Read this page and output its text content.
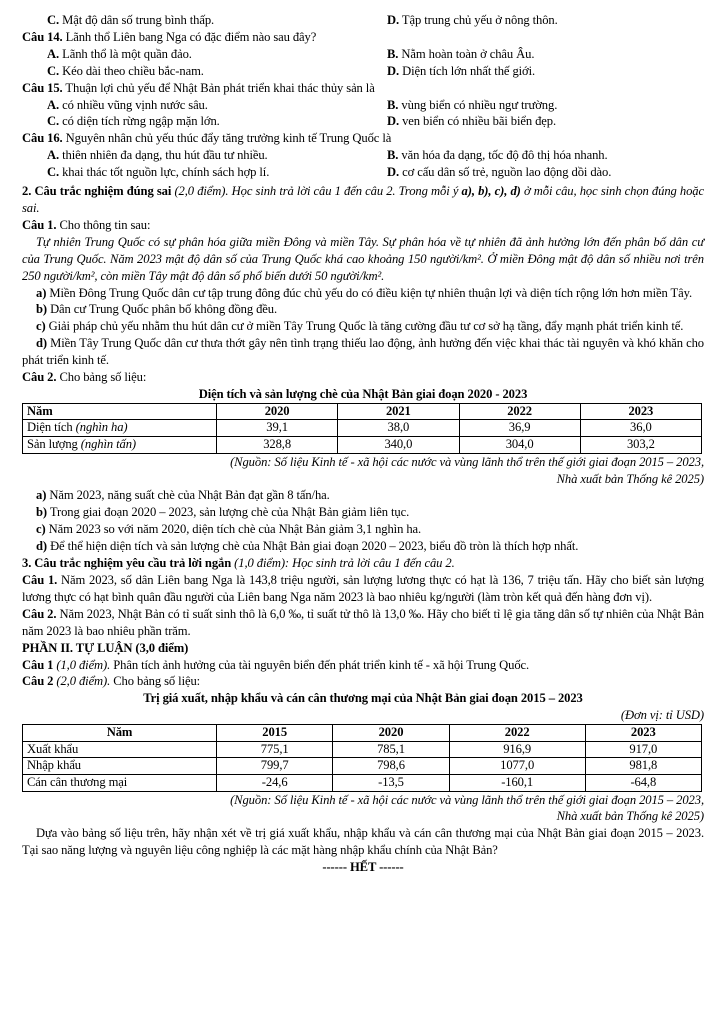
C. Mật độ dân số trung bình thấp.	D. Tập trung chủ yếu ở nông thôn.

Câu 14. Lãnh thổ Liên bang Nga có đặc điểm nào sau đây?

A. Lãnh thổ là một quần đảo.	B. Nằm hoàn toàn ở châu Âu.
C. Kéo dài theo chiều bắc-nam.	D. Diện tích lớn nhất thế giới.

Câu 15. Thuận lợi chủ yếu để Nhật Bản phát triển khai thác thủy sản là

A. có nhiều vũng vịnh nước sâu.	B. vùng biển có nhiều ngư trường.
C. có diện tích rừng ngập mặn lớn.	D. ven biển có nhiều bãi biển đẹp.

Câu 16. Nguyên nhân chủ yếu thúc đẩy tăng trưởng kinh tế Trung Quốc là

A. thiên nhiên đa dạng, thu hút đầu tư nhiều.	B. văn hóa đa dạng, tốc độ đô thị hóa nhanh.
C. khai thác tốt nguồn lực, chính sách hợp lí.	D. cơ cấu dân số trẻ, nguồn lao động dồi dào.

2. Câu trắc nghiệm đúng sai (2,0 điểm). Học sinh trả lời câu 1 đến câu 2. Trong mỗi ý a), b), c), d) ở mỗi câu, học sinh chọn đúng hoặc sai.

Câu 1. Cho thông tin sau:

Tự nhiên Trung Quốc có sự phân hóa giữa miền Đông và miền Tây. Sự phân hóa về tự nhiên đã ảnh hưởng lớn đến phân bố dân cư của Trung Quốc. Năm 2023 mật độ dân số của Trung Quốc khá cao khoảng 150 người/km². Ở miền Đông mật độ dân số nhiều nơi trên 250 người/km², còn miền Tây mật độ dân số phổ biến dưới 50 người/km².

a) Miền Đông Trung Quốc dân cư tập trung đông đúc chủ yếu do có điều kiện tự nhiên thuận lợi và diện tích rộng lớn hơn miền Tây.

b) Dân cư Trung Quốc phân bố không đồng đều.

c) Giải pháp chủ yếu nhằm thu hút dân cư ở miền Tây Trung Quốc là tăng cường đầu tư cơ sở hạ tầng, đẩy mạnh phát triển kinh tế.

d) Miền Tây Trung Quốc dân cư thưa thớt gây nên tình trạng thiếu lao động, ảnh hưởng đến việc khai thác tài nguyên và khó khăn cho phát triển kinh tế.

Câu 2. Cho bảng số liệu:

Diện tích và sản lượng chè của Nhật Bản giai đoạn 2020 - 2023

Năm	2020	2021	2022	2023
Diện tích (nghìn ha)	39,1	38,0	36,9	36,0
Sản lượng (nghìn tấn)	328,8	340,0	304,0	303,2

(Nguồn: Số liệu Kinh tế - xã hội các nước và vùng lãnh thổ trên thế giới giai đoạn 2015 – 2023,

Nhà xuất bản Thống kê 2025)

a) Năm 2023, năng suất chè của Nhật Bản đạt gần 8 tấn/ha.

b) Trong giai đoạn 2020 – 2023, sản lượng chè của Nhật Bản giảm liên tục.

c) Năm 2023 so với năm 2020, diện tích chè của Nhật Bản giảm 3,1 nghìn ha.

d) Để thể hiện diện tích và sản lượng chè của Nhật Bản giai đoạn 2020 – 2023, biểu đồ tròn là thích hợp nhất.

3. Câu trắc nghiệm yêu cầu trả lời ngắn (1,0 điểm): Học sinh trả lời câu 1 đến câu 2.

Câu 1. Năm 2023, số dân Liên bang Nga là 143,8 triệu người, sản lượng lương thực có hạt là 136, 7 triệu tấn. Hãy cho biết sản lượng lương thực có hạt bình quân đầu người của Liên bang Nga năm 2023 là bao nhiêu kg/người (làm tròn kết quả đến hàng đơn vị).

Câu 2. Năm 2023, Nhật Bản có tỉ suất sinh thô là 6,0 ‰, tỉ suất tử thô là 13,0 ‰. Hãy cho biết tỉ lệ gia tăng dân số tự nhiên của Nhật Bản năm 2023 là bao nhiêu phần trăm.

PHẦN II. TỰ LUẬN (3,0 điểm)

Câu 1 (1,0 điểm). Phân tích ảnh hưởng của tài nguyên biển đến phát triển kinh tế - xã hội Trung Quốc.

Câu 2 (2,0 điểm). Cho bảng số liệu:

Trị giá xuất, nhập khẩu và cán cân thương mại của Nhật Bản giai đoạn 2015 – 2023

(Đơn vị: tỉ USD)

Năm	2015	2020	2022	2023
Xuất khẩu	775,1	785,1	916,9	917,0
Nhập khẩu	799,7	798,6	1077,0	981,8
Cán cân thương mại	-24,6	-13,5	-160,1	-64,8

(Nguồn: Số liệu Kinh tế - xã hội các nước và vùng lãnh thổ trên thế giới giai đoạn 2015 – 2023,

Nhà xuất bản Thống kê 2025)

Dựa vào bảng số liệu trên, hãy nhận xét về trị giá xuất khẩu, nhập khẩu và cán cân thương mại của Nhật Bản giai đoạn 2015 – 2023. Tại sao năng lượng và nguyên liệu công nghiệp là các mặt hàng nhập khẩu chính của Nhật Bản?

------ HẾT ------
